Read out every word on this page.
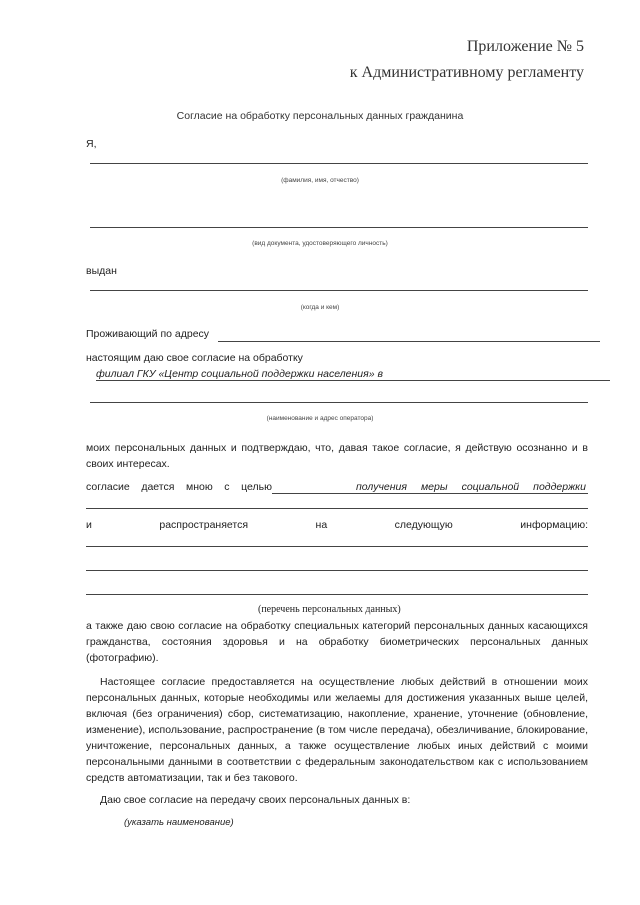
Приложение № 5
к Административному регламенту
Согласие на обработку персональных данных гражданина
Я,
(фамилия, имя, отчество)
(вид документа, удостоверяющего личность)
выдан
(когда и кем)
Проживающий по адресу
настоящим даю свое согласие на обработку
филиал ГКУ «Центр социальной поддержки населения» в
(наименование и адрес оператора)
моих персональных данных и подтверждаю, что, давая такое согласие, я действую осознанно и в своих интересах.
согласие дается мною с целью	получения меры социальной поддержки
и	распространяется	на	следующую	информацию:
(перечень персональных данных)
а также даю свою согласие на обработку специальных категорий персональных данных касающихся гражданства, состояния здоровья и на обработку биометрических персональных данных (фотографию).
Настоящее согласие предоставляется на осуществление любых действий в отношении моих персональных данных, которые необходимы или желаемы для достижения указанных выше целей, включая (без ограничения) сбор, систематизацию, накопление, хранение, уточнение (обновление, изменение), использование, распространение (в том числе передача), обезличивание, блокирование, уничтожение, персональных данных, а также осуществление любых иных действий с моими персональными данными в соответствии с федеральным законодательством как с использованием средств автоматизации, так и без такового.
Даю свое согласие на передачу своих персональных данных в:
(указать наименование)
